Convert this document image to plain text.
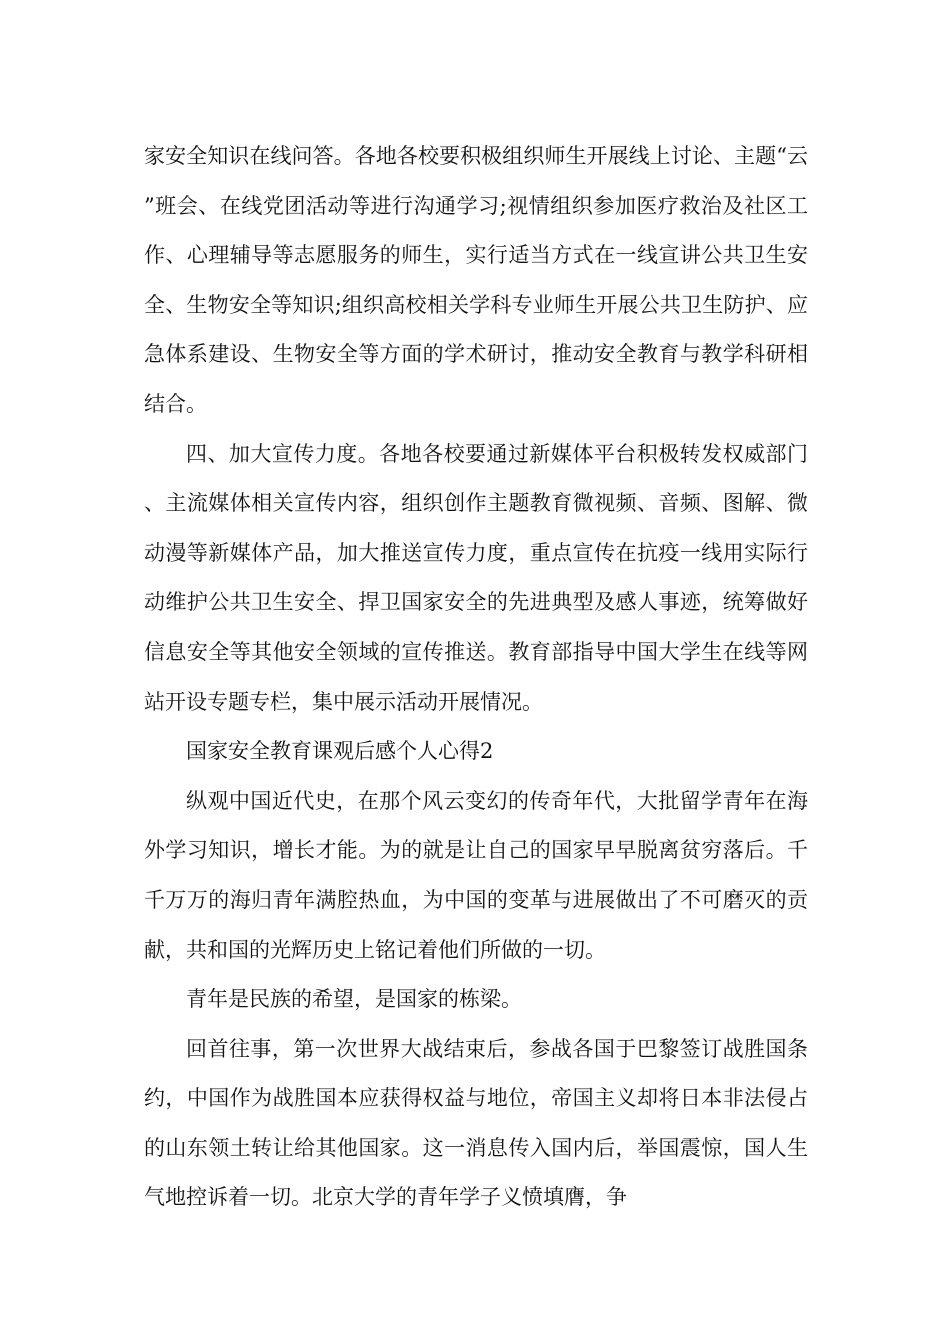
家安全知识在线问答。各地各校要积极组织师生开展线上讨论、主题“云”班会、在线党团活动等进行沟通学习;视情组织参加医疗救治及社区工作、心理辅导等志愿服务的师生，实行适当方式在一线宣讲公共卫生安全、生物安全等知识;组织高校相关学科专业师生开展公共卫生防护、应急体系建设、生物安全等方面的学术研讨，推动安全教育与教学科研相结合。

四、加大宣传力度。各地各校要通过新媒体平台积极转发权威部门、主流媒体相关宣传内容，组织创作主题教育微视频、音频、图解、微动漫等新媒体产品，加大推送宣传力度，重点宣传在抗疫一线用实际行动维护公共卫生安全、捍卫国家安全的先进典型及感人事迹，统筹做好信息安全等其他安全领域的宣传推送。教育部指导中国大学生在线等网站开设专题专栏，集中展示活动开展情况。

国家安全教育课观后感个人心得2

纵观中国近代史，在那个风云变幻的传奇年代，大批留学青年在海外学习知识，增长才能。为的就是让自己的国家早早脱离贫穷落后。千千万万的海归青年满腔热血，为中国的变革与进展做出了不可磨灭的贡献，共和国的光辉历史上铭记着他们所做的一切。

青年是民族的希望，是国家的栋梁。

回首往事，第一次世界大战结束后，参战各国于巴黎签订战胜国条约，中国作为战胜国本应获得权益与地位，帝国主义却将日本非法侵占的山东领土转让给其他国家。这一消息传入国内后，举国震惊，国人生气地控诉着一切。北京大学的青年学子义愤填膺，争
